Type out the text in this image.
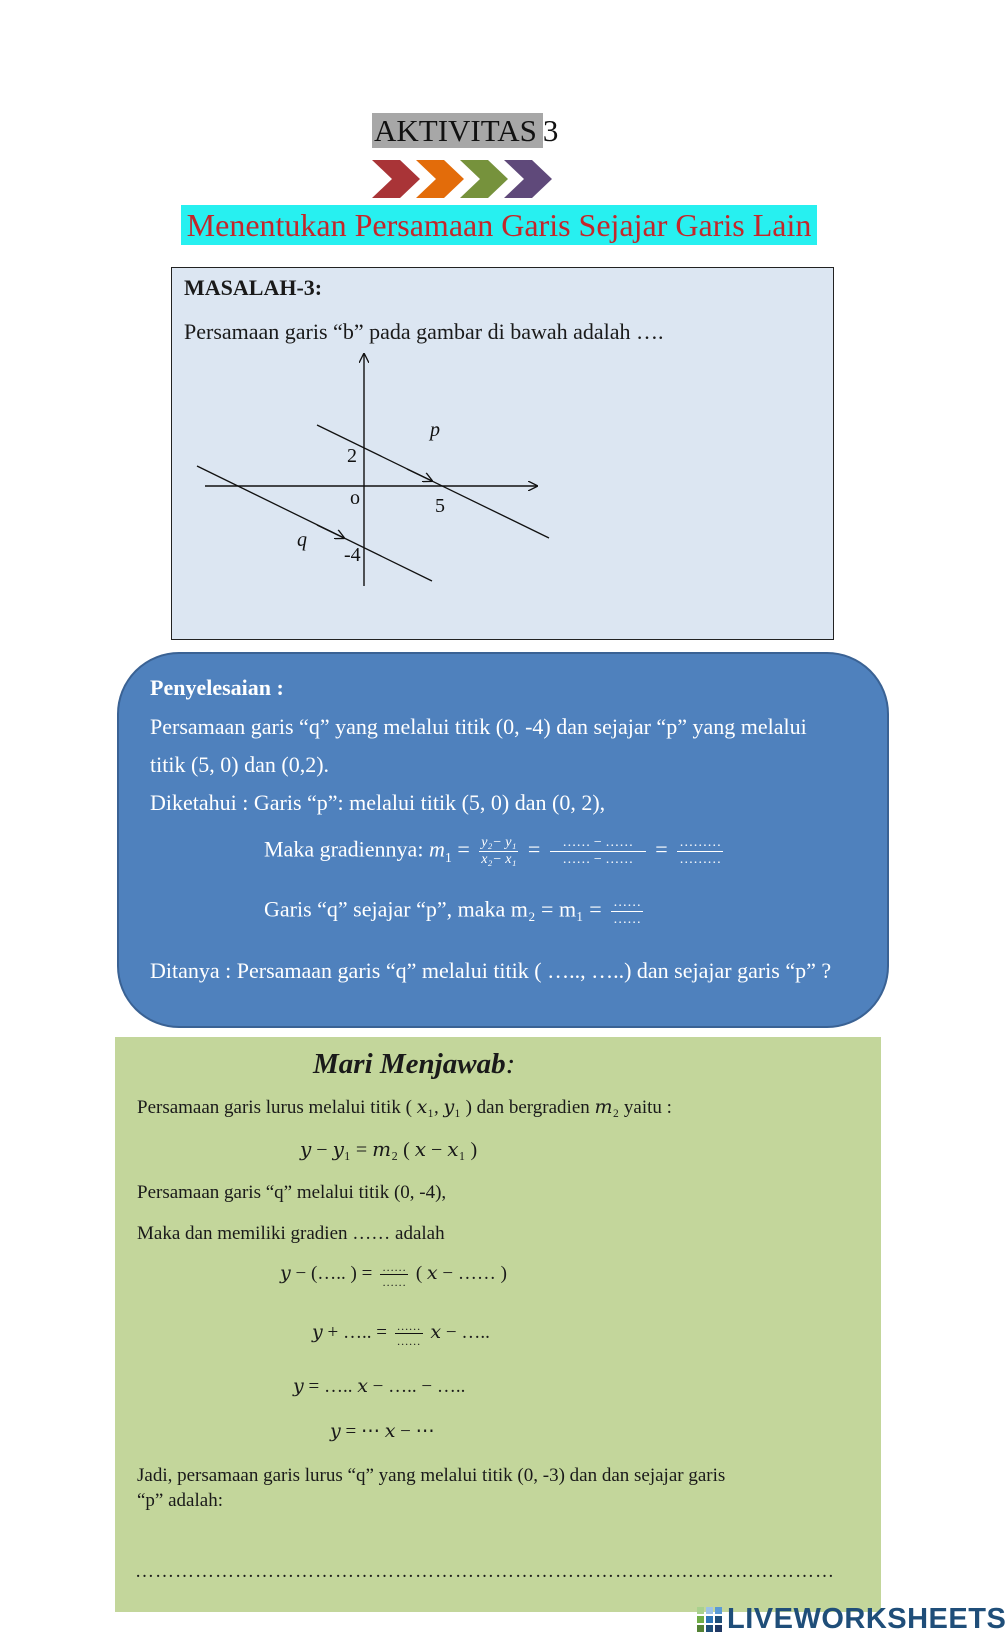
AKTIVITAS 3
Menentukan Persamaan Garis Sejajar Garis Lain
p
2
o	5
q
-4
MASALAH-3:
Persamaan garis “b” pada gambar di bawah adalah ….
Penyelesaian :
Persamaan garis “q” yang melalui titik (0, -4) dan sejajar “p” yang melalui
titik (5, 0) dan (0,2).
Diketahui : Garis “p”: melalui titik (5, 0) dan (0, 2),
Maka gradiennya: $m_1 = \frac{\text{y₂− y₁}}{\text{x₂− x₁}} = \frac{\dots\dots - \dots\dots}{\dots\dots - \dots\dots} = \frac{\dots\dots\dots}{\dots\dots\dots}$
Garis “q” sejajar “p”, maka $m_2 = m_1 = \frac{\dots\dots}{\dots\dots}$
Ditanya : Persamaan garis “q” melalui titik ( ….., …..) dan sejajar garis “p” ?
Mari Menjawab:
Persamaan garis lurus melalui titik ( 𝑥₁, 𝑦₁ ) dan bergradien 𝑚₂ yaitu :
𝑦 − 𝑦₁ = 𝑚₂ ( 𝑥 − 𝑥₁ )
Persamaan garis “q” melalui titik (0, -4),
Maka dan memiliki gradien …… adalah
𝑦 − (….. ) = $\frac{\dots\dots}{\dots\dots}$ ( 𝑥 − …… )
𝑦 + ….. = $\frac{\dots\dots}{\dots\dots}$ 𝑥 − …..
𝑦 = ….. 𝑥 − ….. − …..
𝑦 = ⋯ 𝑥 − ⋯
Jadi, persamaan garis lurus “q” yang melalui titik (0, -3) dan dan sejajar garis
“p” adalah:
……………………………………………………………………………………………
LIVEWORKSHEETS
